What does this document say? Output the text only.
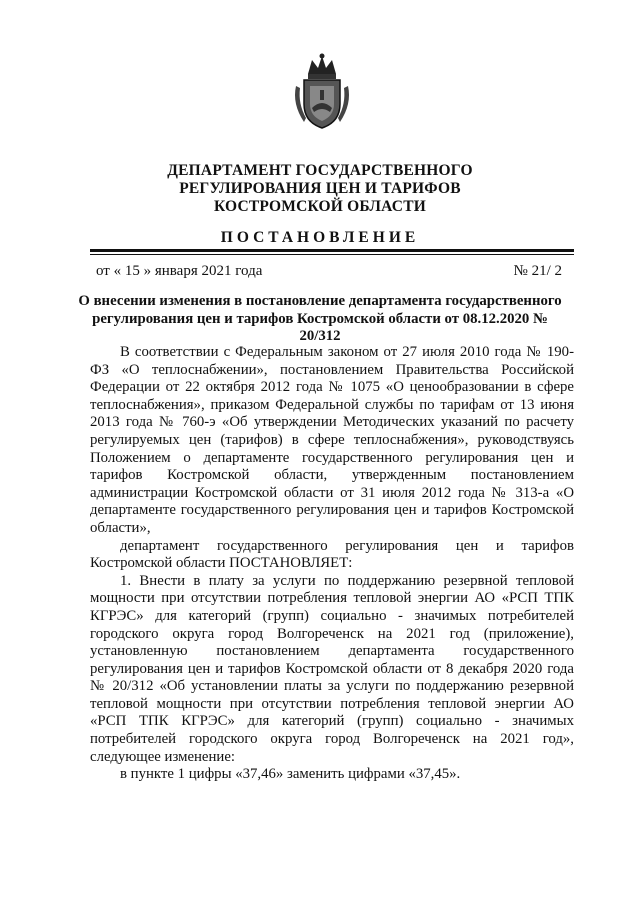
ДЕПАРТАМЕНТ ГОСУДАРСТВЕННОГО
РЕГУЛИРОВАНИЯ ЦЕН И ТАРИФОВ
КОСТРОМСКОЙ ОБЛАСТИ
ПОСТАНОВЛЕНИЕ
от « 15 » января 2021 года	№ 21/ 2
О внесении изменения в постановление департамента государственного
регулирования цен и тарифов Костромской области от 08.12.2020 № 20/312

В соответствии с Федеральным законом от 27 июля 2010 года № 190-ФЗ «О теплоснабжении», постановлением Правительства Российской Федерации от 22 октября 2012 года № 1075 «О ценообразовании в сфере теплоснабжения», приказом Федеральной службы по тарифам от 13 июня 2013 года № 760-э «Об утверждении Методических указаний по расчету регулируемых цен (тарифов) в сфере теплоснабжения», руководствуясь Положением о департаменте государственного регулирования цен и тарифов Костромской области, утвержденным постановлением администрации Костромской области от 31 июля 2012 года № 313-а «О департаменте государственного регулирования цен и тарифов Костромской области»,

департамент государственного регулирования цен и тарифов Костромской области ПОСТАНОВЛЯЕТ:

1. Внести в плату за услуги по поддержанию резервной тепловой мощности при отсутствии потребления тепловой энергии АО «РСП ТПК КГРЭС» для категорий (групп) социально - значимых потребителей городского округа город Волгореченск на 2021 год (приложение), установленную постановлением департамента государственного регулирования цен и тарифов Костромской области от 8 декабря 2020 года № 20/312 «Об установлении платы за услуги по поддержанию резервной тепловой мощности при отсутствии потребления тепловой энергии АО «РСП ТПК КГРЭС» для категорий (групп) социально - значимых потребителей городского округа город Волгореченск на 2021 год», следующее изменение:

в пункте 1 цифры «37,46» заменить цифрами «37,45».
